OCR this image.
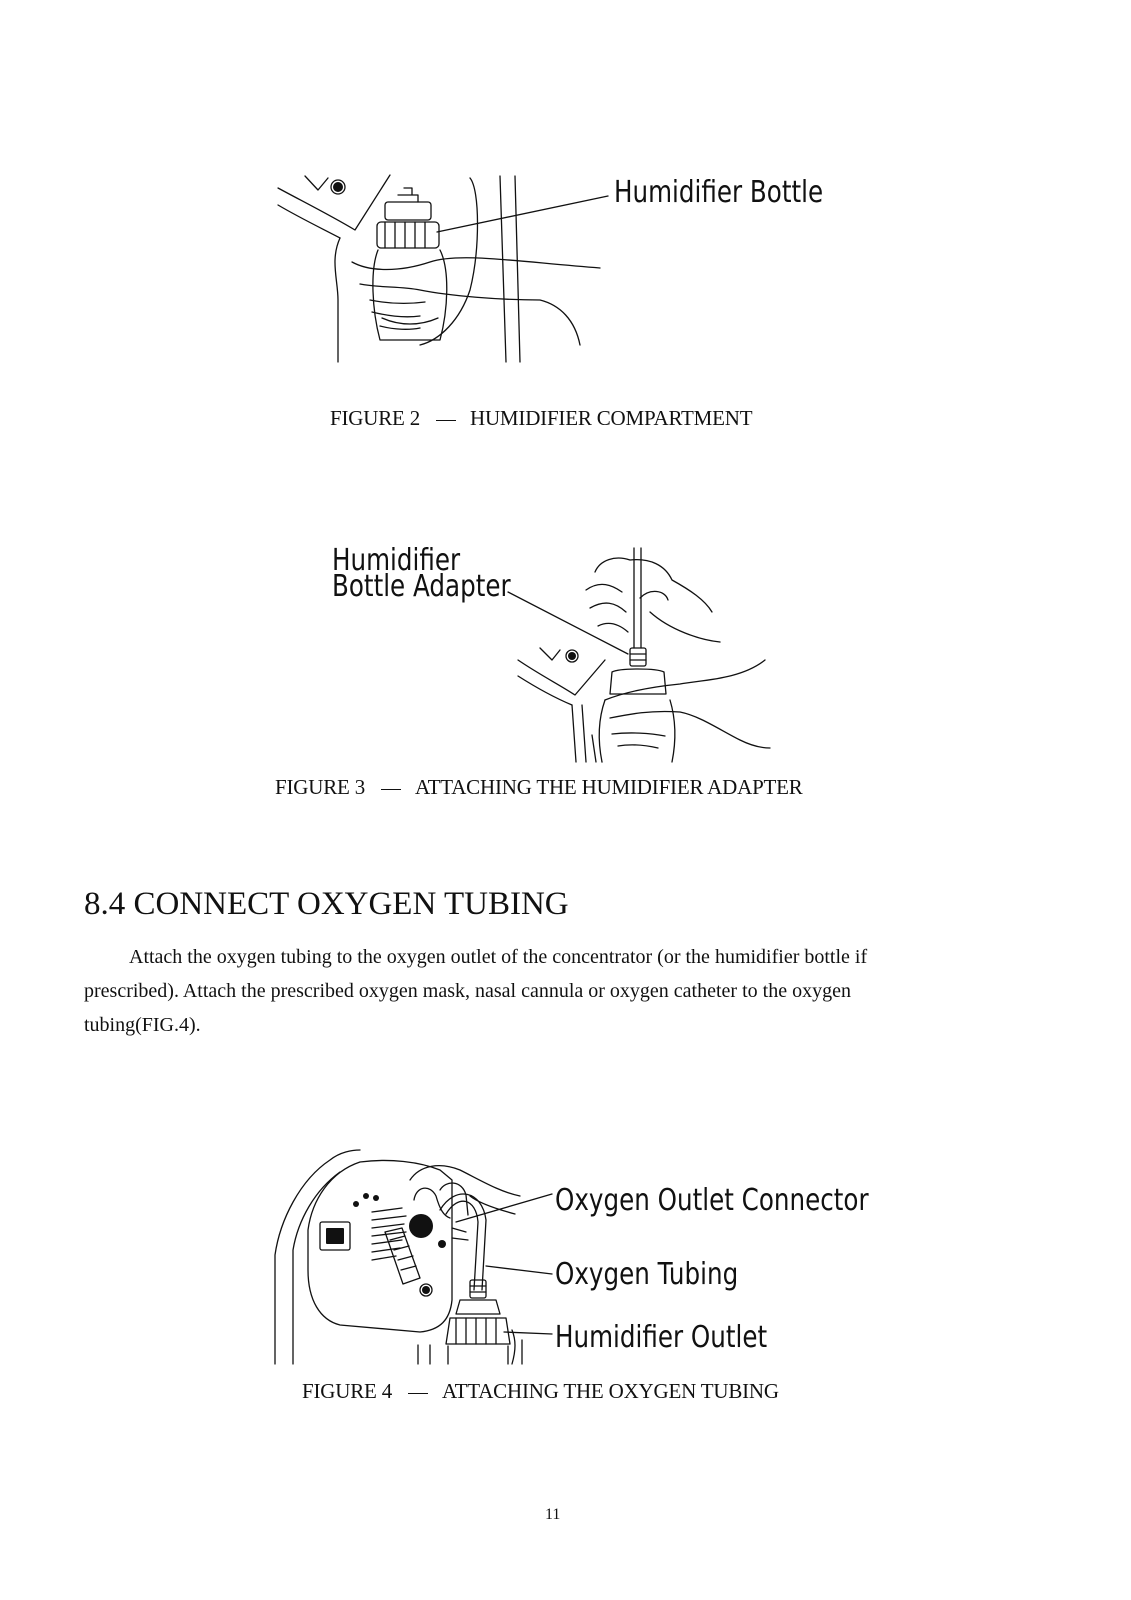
Humidifier Bottle
FIGURE 2 HUMIDIFIER COMPARTMENT
Humidifier
Bottle Adapter
FIGURE 3 ATTACHING THE HUMIDIFIER ADAPTER
8.4 CONNECT OXYGEN TUBING
Attach the oxygen tubing to the oxygen outlet of the concentrator (or the humidifier bottle if prescribed). Attach the prescribed oxygen mask, nasal cannula or oxygen catheter to the oxygen tubing(FIG.4).
Oxygen Outlet Connector
Oxygen Tubing
Humidifier Outlet
FIGURE 4 ATTACHING THE OXYGEN TUBING
11
